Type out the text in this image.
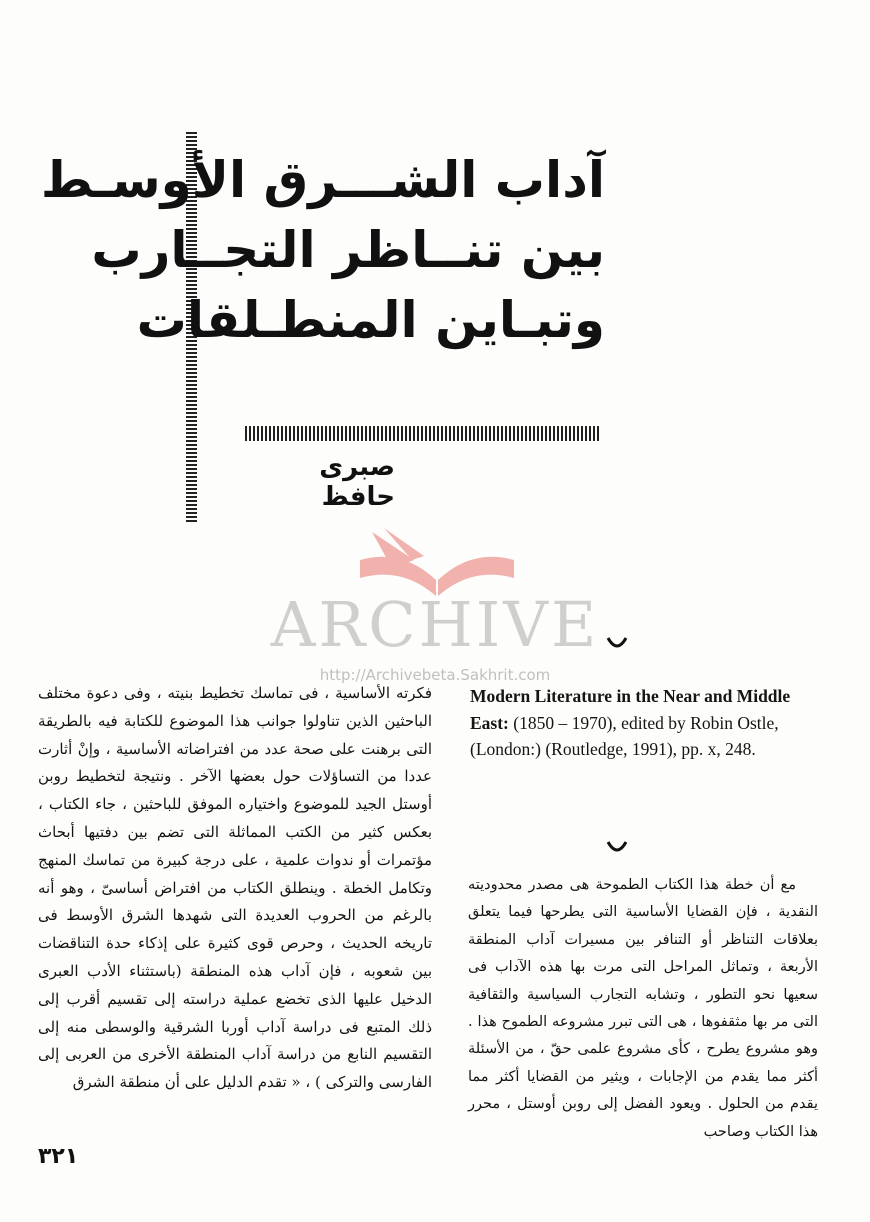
آداب الشـــرق الأوسـط
بين تنــاظر التجــارب
وتبـاين المنطـلقات
صبرى حافظ
ARCHIVE
http://Archivebeta.Sakhrit.com
Modern Literature in the Near and Middle East: (1850 – 1970), edited by Robin Ostle, (London:) (Routledge, 1991), pp. x, 248.

مع أن خطة هذا الكتاب الطموحة هى مصدر محدوديته النقدية ، فإن القضايا الأساسية التى يطرحها فيما يتعلق بعلاقات التناظر أو التنافر بين مسيرات آداب المنطقة الأربعة ، وتماثل المراحل التى مرت بها هذه الآداب فى سعيها نحو التطور ، وتشابه التجارب السياسية والثقافية التى مر بها مثقفوها ، هى التى تبرر مشروعه الطموح هذا . وهو مشروع يطرح ، كأى مشروع علمى حقّ ، من الأسئلة أكثر مما يقدم من الإجابات ، ويثير من القضايا أكثر مما يقدم من الحلول . ويعود الفضل إلى روبن أوستل ، محرر هذا الكتاب وصاحب

فكرته الأساسية ، فى تماسك تخطيط بنيته ، وفى دعوة مختلف الباحثين الذين تناولوا جوانب هذا الموضوع للكتابة فيه بالطريقة التى برهنت على صحة عدد من افتراضاته الأساسية ، وإنْ أثارت عددا من التساؤلات حول بعضها الآخر . ونتيجة لتخطيط روبن أوستل الجيد للموضوع واختياره الموفق للباحثين ، جاء الكتاب ، بعكس كثير من الكتب المماثلة التى تضم بين دفتيها أبحاث مؤتمرات أو ندوات علمية ، على درجة كبيرة من تماسك المنهج وتكامل الخطة . وينطلق الكتاب من افتراض أساسىّ ، وهو أنه بالرغم من الحروب العديدة التى شهدها الشرق الأوسط فى تاريخه الحديث ، وحرص قوى كثيرة على إذكاء حدة التناقضات بين شعوبه ، فإن آداب هذه المنطقة (باستثناء الأدب العبرى الدخيل عليها الذى تخضع عملية دراسته إلى تقسيم أقرب إلى ذلك المتبع فى دراسة آداب أوربا الشرقية والوسطى منه إلى التقسيم النابع من دراسة آداب المنطقة الأخرى من العربى إلى الفارسى والتركى ) ، « تقدم الدليل على أن منطقة الشرق
٣٢١
